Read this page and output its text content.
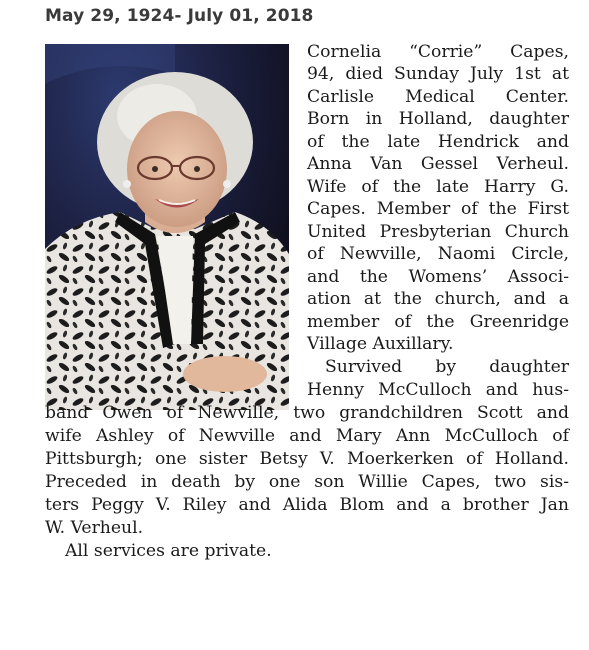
May 29, 1924- July 01, 2018
Cornelia “Corrie” Capes,
94, died Sunday July 1st at
Carlisle Medical Center.
Born in Holland, daughter
of the late Hendrick and
Anna Van Gessel Verheul.
Wife of the late Harry G.
Capes. Member of the First
United Presbyterian Church
of Newville, Naomi Circle,
and the Womens’ Associ-
ation at the church, and a
member of the Greenridge
Village Auxillary.
Survived by daughter
Henny McCulloch and hus-
band Owen of Newville, two grandchildren Scott and
wife Ashley of Newville and Mary Ann McCulloch of
Pittsburgh; one sister Betsy V. Moerkerken of Holland.
Preceded in death by one son Willie Capes, two sis-
ters Peggy V. Riley and Alida Blom and a brother Jan
W. Verheul.
All services are private.
